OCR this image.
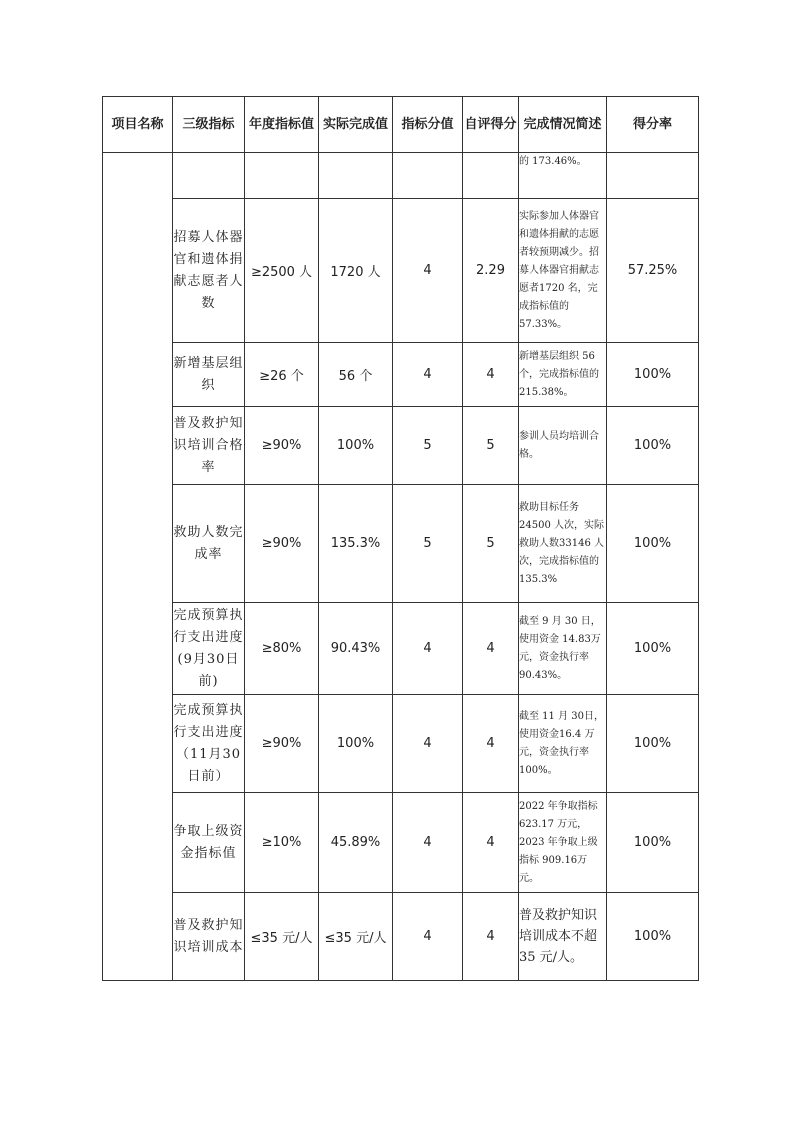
项目名称	三级指标	年度指标值	实际完成值	指标分值	自评得分	完成情况简述	得分率
						的 173.46%。	
	招募人体器官和遗体捐献志愿者人数	≥2500 人	1720 人	4	2.29	实际参加人体器官和遗体捐献的志愿者较预期减少。招募人体器官捐献志愿者1720 名，完成指标值的 57.33%。	57.25%
	新增基层组织	≥26 个	56 个	4	4	新增基层组织 56个，完成指标值的 215.38%。	100%
	普及救护知识培训合格率	≥90%	100%	5	5	参训人员均培训合格。	100%
	救助人数完成率	≥90%	135.3%	5	5	救助目标任务24500 人次，实际救助人数33146 人次，完成指标值的135.3%	100%
	完成预算执行支出进度(9月30日前)	≥80%	90.43%	4	4	截至 9 月 30 日，使用资金 14.83万元，资金执行率 90.43%。	100%
	完成预算执行支出进度（11月30日前）	≥90%	100%	4	4	截至 11 月 30日，使用资金16.4 万元，资金执行率 100%。	100%
	争取上级资金指标值	≥10%	45.89%	4	4	2022 年争取指标623.17 万元，2023 年争取上级指标 909.16万元。	100%
	普及救护知识培训成本	≤35 元/人	≤35 元/人	4	4	普及救护知识培训成本不超 35 元/人。	100%
